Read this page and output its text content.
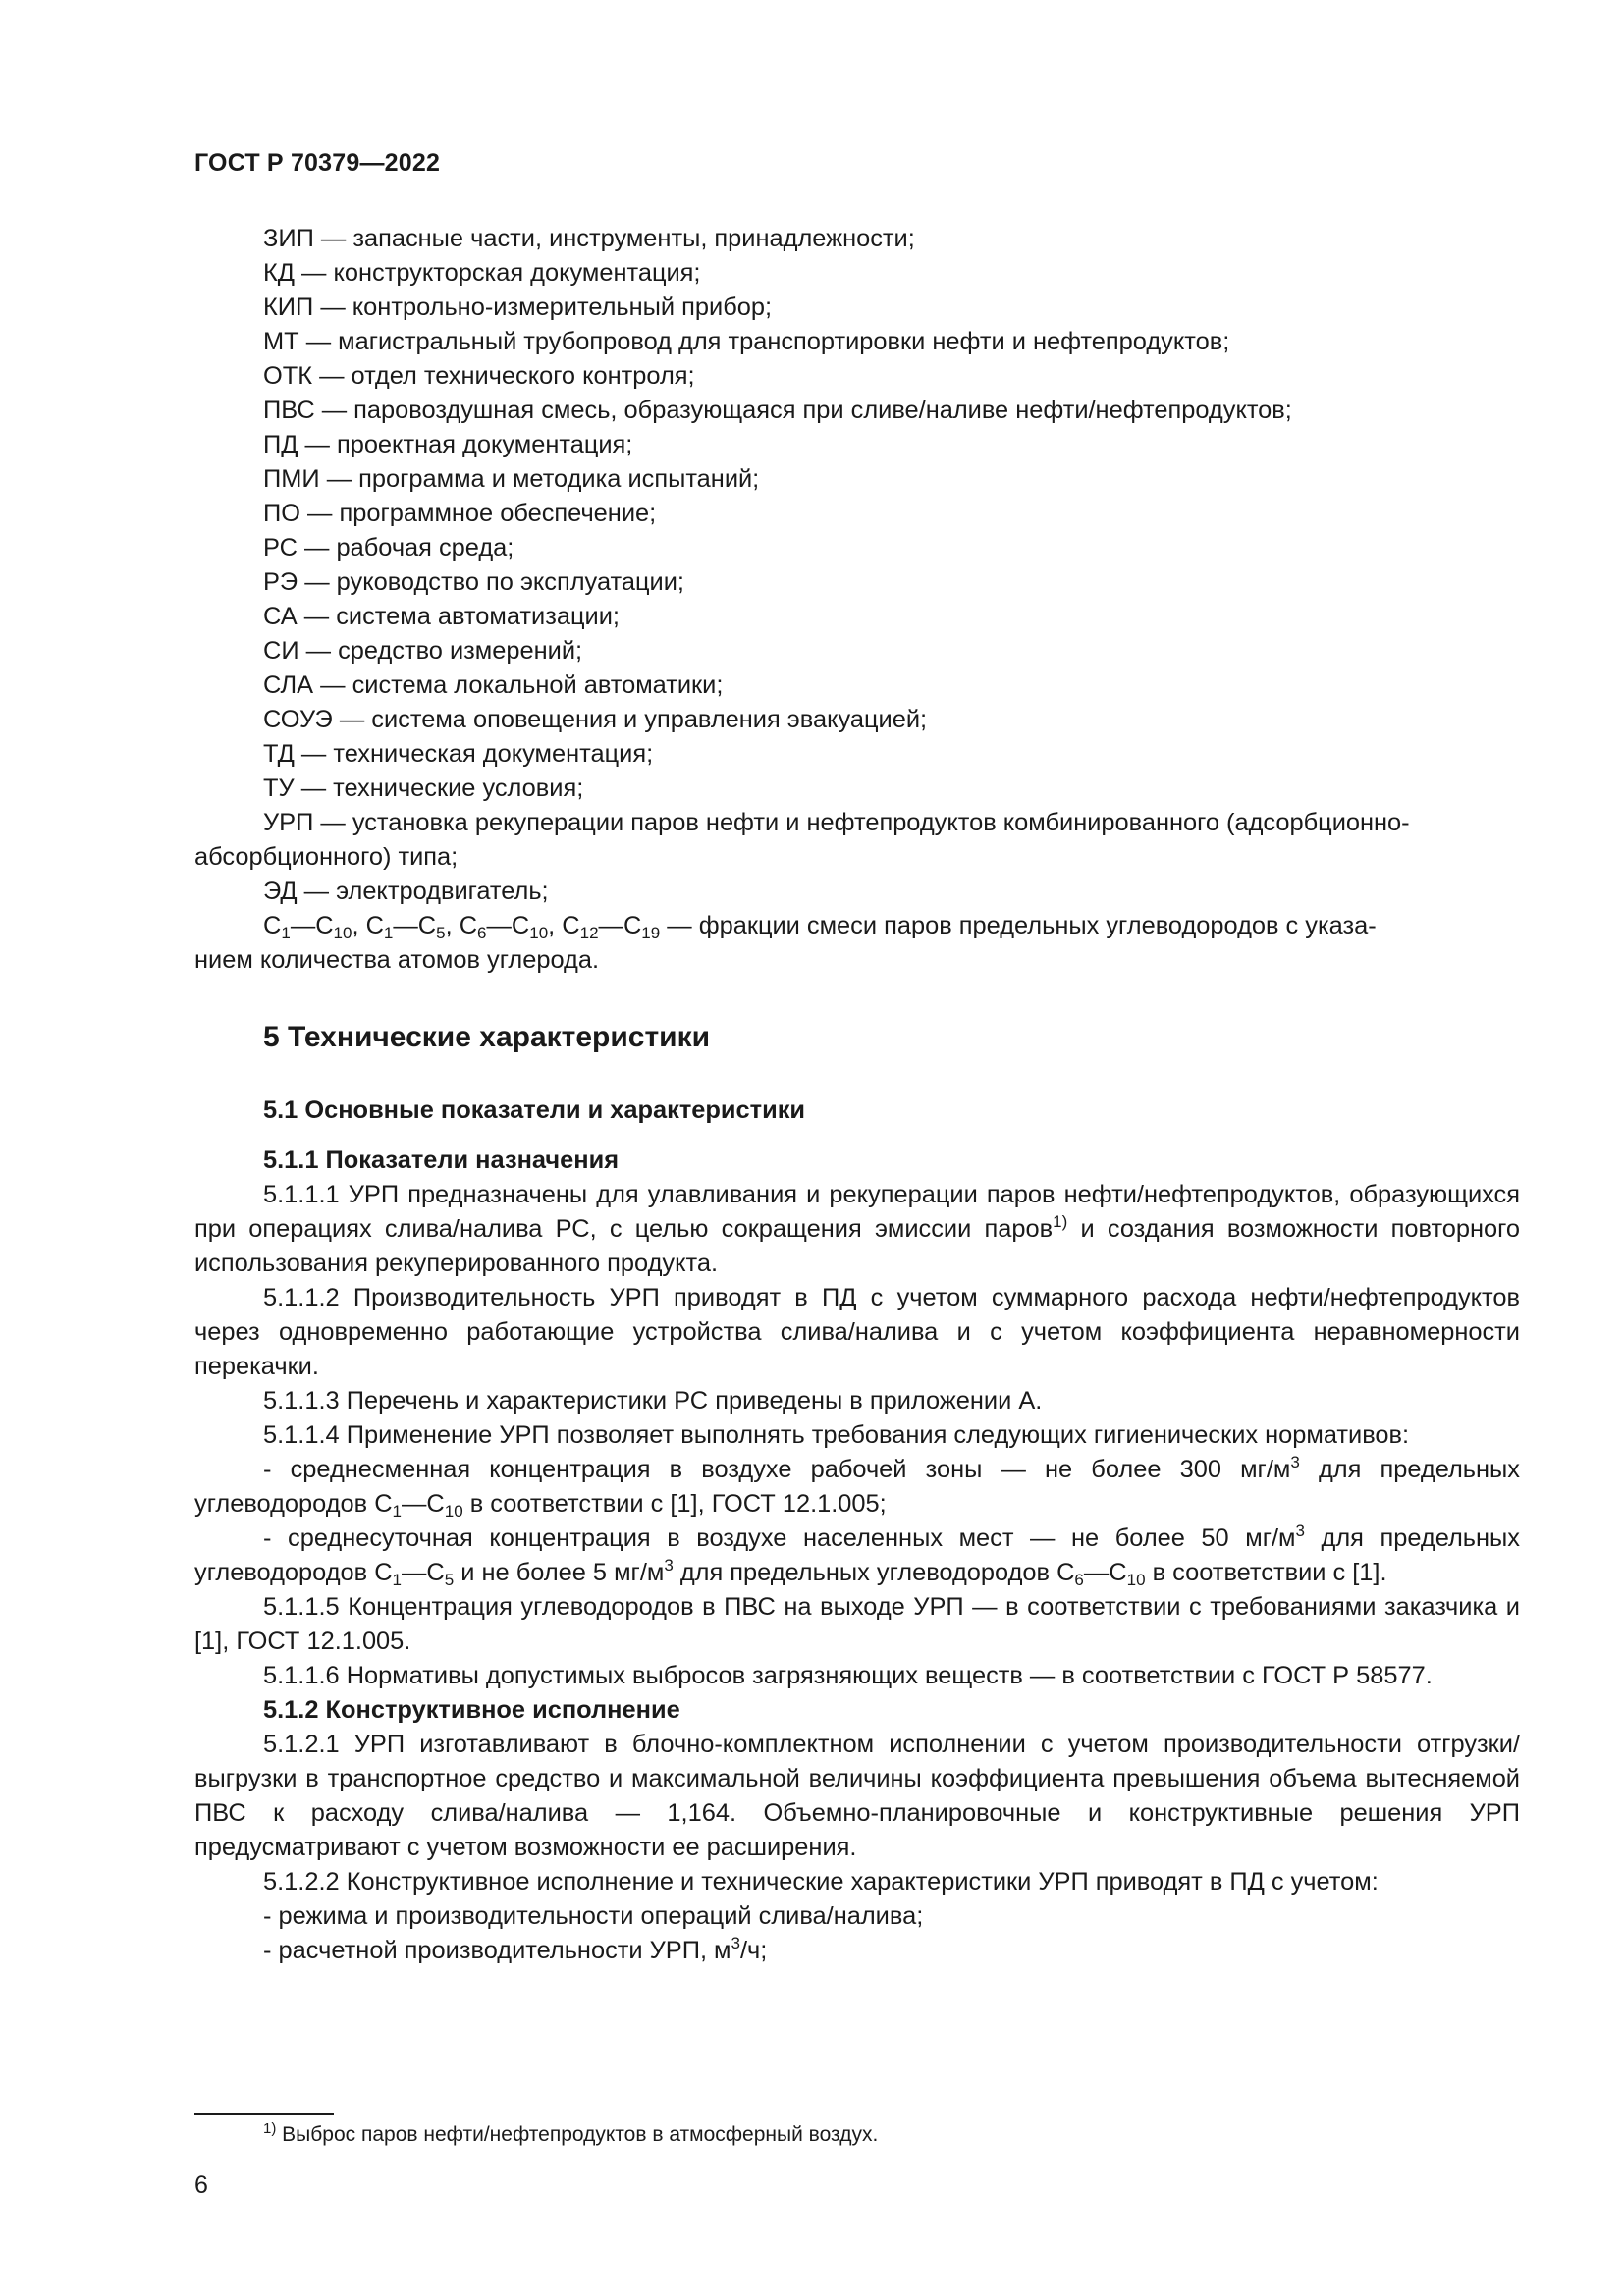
ГОСТ Р 70379—2022
ЗИП — запасные части, инструменты, принадлежности;
КД — конструкторская документация;
КИП — контрольно-измерительный прибор;
МТ — магистральный трубопровод для транспортировки нефти и нефтепродуктов;
ОТК — отдел технического контроля;
ПВС — паровоздушная смесь, образующаяся при сливе/наливе нефти/нефтепродуктов;
ПД — проектная документация;
ПМИ — программа и методика испытаний;
ПО — программное обеспечение;
РС — рабочая среда;
РЭ — руководство по эксплуатации;
СА — система автоматизации;
СИ — средство измерений;
СЛА — система локальной автоматики;
СОУЭ — система оповещения и управления эвакуацией;
ТД — техническая документация;
ТУ — технические условия;
УРП — установка рекуперации паров нефти и нефтепродуктов комбинированного (адсорбционно-
абсорбционного) типа;
ЭД — электродвигатель;
$С_1—С_{10}$, $С_1—С_5$, $С_6—С_{10}$, $С_{12}—С_{19}$ — фракции смеси паров предельных углеводородов с указа-
нием количества атомов углерода.
5 Технические характеристики
5.1 Основные показатели и характеристики
5.1.1 Показатели назначения
5.1.1.1 УРП предназначены для улавливания и рекуперации паров нефти/нефтепродуктов, образующихся при операциях слива/налива РС, с целью сокращения эмиссии паров$^{1)}$ и создания возможности повторного использования рекуперированного продукта.
5.1.1.2 Производительность УРП приводят в ПД с учетом суммарного расхода нефти/нефтепродуктов через одновременно работающие устройства слива/налива и с учетом коэффициента неравномерности перекачки.
5.1.1.3 Перечень и характеристики РС приведены в приложении А.
5.1.1.4 Применение УРП позволяет выполнять требования следующих гигиенических нормативов:
- среднесменная концентрация в воздухе рабочей зоны — не более 300 $мг/м^3$ для предельных углеводородов $С_1—С_{10}$ в соответствии с [1], ГОСТ 12.1.005;
- среднесуточная концентрация в воздухе населенных мест — не более 50 $мг/м^3$ для предельных углеводородов $С_1—С_5$ и не более 5 $мг/м^3$ для предельных углеводородов $С_6—С_{10}$ в соответствии с [1].
5.1.1.5 Концентрация углеводородов в ПВС на выходе УРП — в соответствии с требованиями заказчика и [1], ГОСТ 12.1.005.
5.1.1.6 Нормативы допустимых выбросов загрязняющих веществ — в соответствии с ГОСТ Р 58577.
5.1.2 Конструктивное исполнение
5.1.2.1 УРП изготавливают в блочно-комплектном исполнении с учетом производительности отгрузки/выгрузки в транспортное средство и максимальной величины коэффициента превышения объема вытесняемой ПВС к расходу слива/налива — 1,164. Объемно-планировочные и конструктивные решения УРП предусматривают с учетом возможности ее расширения.
5.1.2.2 Конструктивное исполнение и технические характеристики УРП приводят в ПД с учетом:
- режима и производительности операций слива/налива;
- расчетной производительности УРП, $м^3/ч$;
$^{1)}$ Выброс паров нефти/нефтепродуктов в атмосферный воздух.
6
